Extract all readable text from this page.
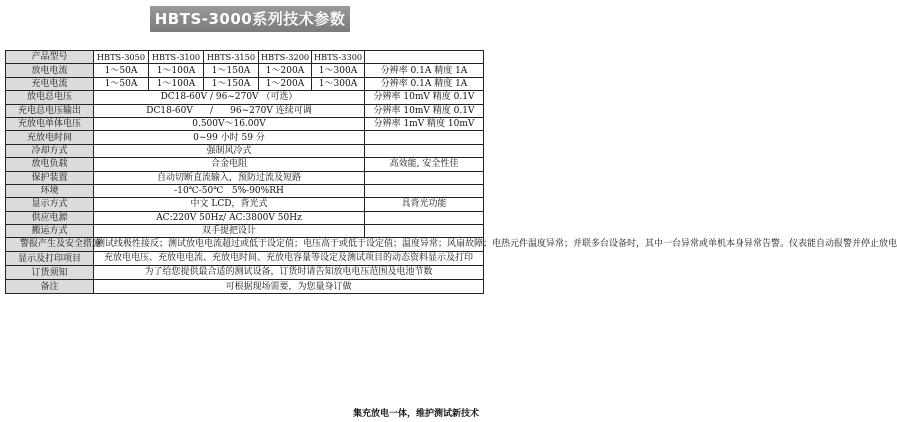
HBTS-3000系列技术参数
产品型号	HBTS-3050	HBTS-3100	HBTS-3150	HBTS-3200	HBTS-3300	
放电电流	1～50A	1～100A	1～150A	1～200A	1～300A	分辨率 0.1A 精度 1A
充电电流	1～50A	1～100A	1～150A	1～200A	1～300A	分辨率 0.1A 精度 1A
放电总电压	DC18-60V / 96~270V （可选）					分辨率 10mV 精度 0.1V
充电总电压输出	DC18-60V      /      96~270V 连续可调					分辨率 10mV 精度 0.1V
充放电单体电压	0.500V～16.00V					分辨率 1mV 精度 10mV
充放电时间	0~99 小时 59 分					
冷却方式	强制风冷式					
放电负载	合金电阻					高效能, 安全性佳
保护装置	自动切断直流输入，预防过流及短路					
环境	-10℃-50℃   5%-90%RH					
显示方式	中文 LCD，背光式					具背光功能
供应电源	AC:220V 50Hz/ AC:3800V 50Hz					
搬运方式	双手提把设计					
警报产生及安全措施	测试线极性接反；测试放电电流超过或低于设定值；电压高于或低于设定值；温度异常；风扇故障；电热元件温度异常；并联多台设备时，其中一台异常或单机本身异常告警。仪表能自动报警并停止放电					
显示及打印项目	充放电电压、充放电电流、充放电时间、充放电容量等设定及测试项目的动态资料显示及打印					
订货须知	为了给您提供最合适的测试设备，订货时请告知放电电压范围及电池节数					
备注	可根据现场需要，为您量身订做					
集充放电一体，维护测试新技术
